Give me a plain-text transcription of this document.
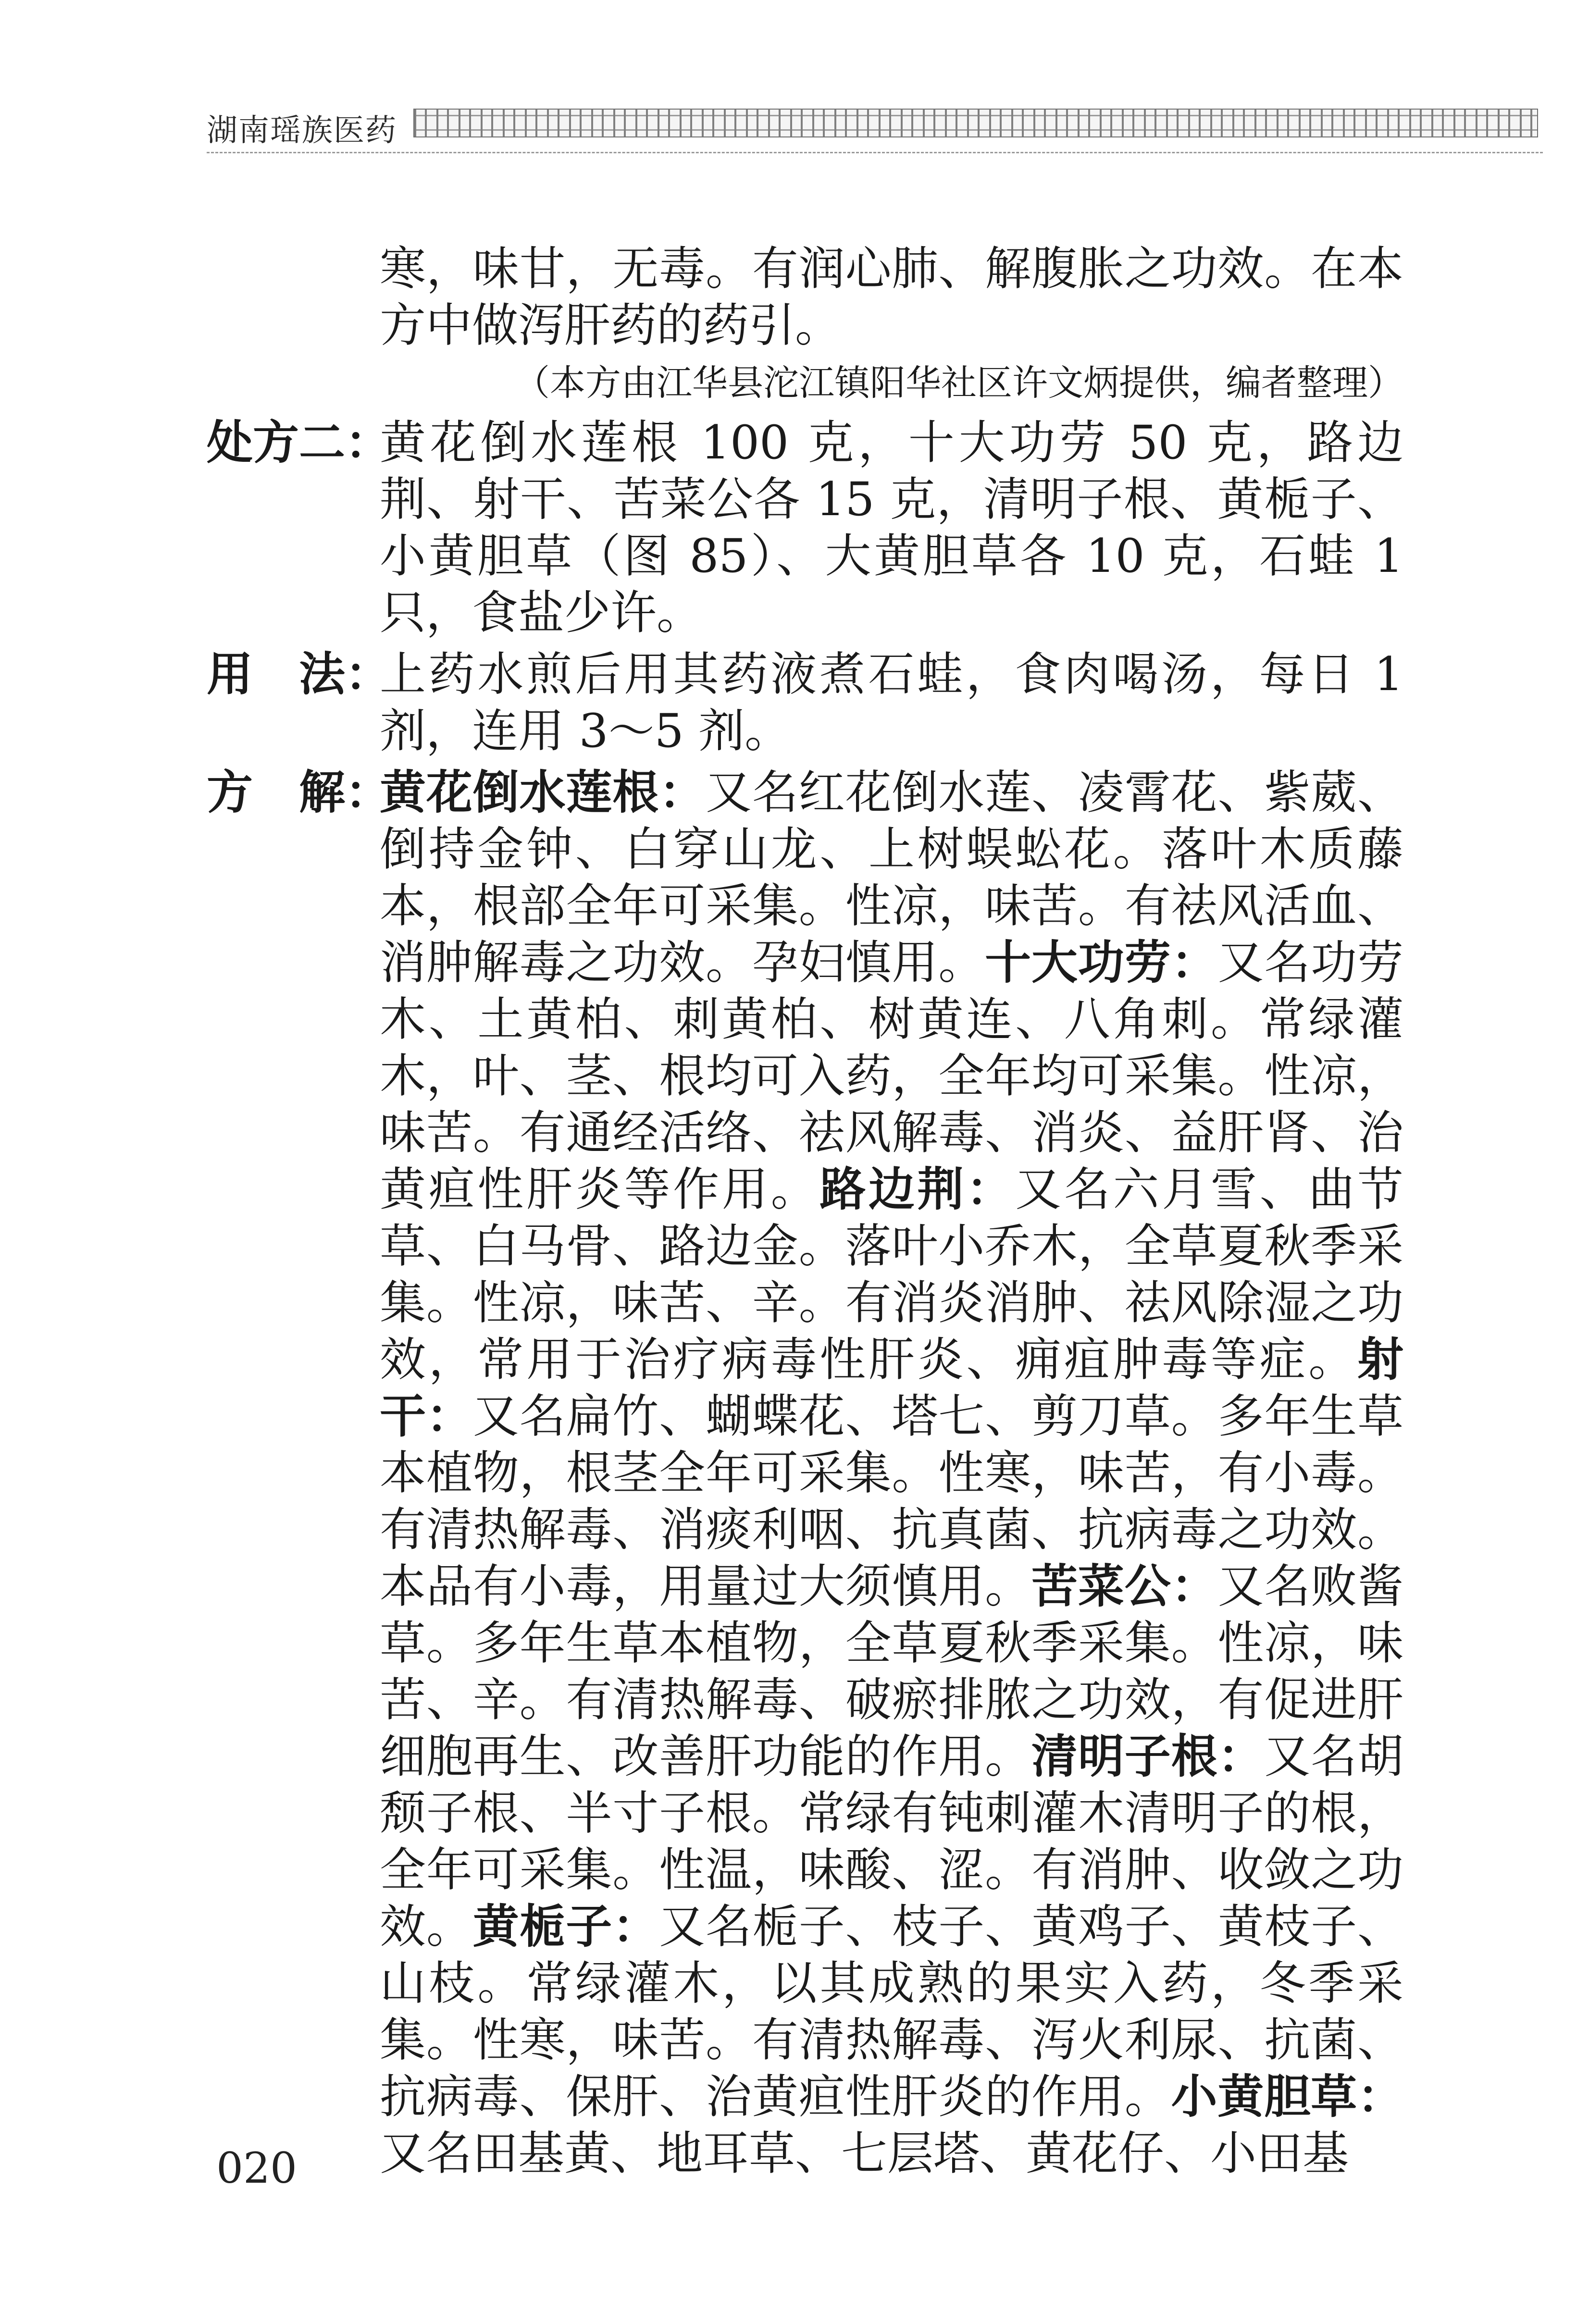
湖南瑶族医药

寒，味甘，无毒。有润心肺、解腹胀之功效。在本方中做泻肝药的药引。

（本方由江华县沱江镇阳华社区许文炳提供，编者整理）

处方二：
黄花倒水莲根 100 克，十大功劳 50 克，路边荆、射干、苦菜公各 15 克，清明子根、黄栀子、小黄胆草（图 85）、大黄胆草各 10 克，石蛙 1 只，食盐少许。

用　法：
上药水煎后用其药液煮石蛙，食肉喝汤，每日 1 剂，连用 3～5 剂。

方　解：
黄花倒水莲根：又名红花倒水莲、凌霄花、紫葳、倒持金钟、白穿山龙、上树蜈蚣花。落叶木质藤本，根部全年可采集。性凉，味苦。有祛风活血、消肿解毒之功效。孕妇慎用。十大功劳：又名功劳木、土黄柏、刺黄柏、树黄连、八角刺。常绿灌木，叶、茎、根均可入药，全年均可采集。性凉，味苦。有通经活络、祛风解毒、消炎、益肝肾、治黄疸性肝炎等作用。路边荆：又名六月雪、曲节草、白马骨、路边金。落叶小乔木，全草夏秋季采集。性凉，味苦、辛。有消炎消肿、祛风除湿之功效，常用于治疗病毒性肝炎、痈疽肿毒等症。射干：又名扁竹、蝴蝶花、塔七、剪刀草。多年生草本植物，根茎全年可采集。性寒，味苦，有小毒。有清热解毒、消痰利咽、抗真菌、抗病毒之功效。本品有小毒，用量过大须慎用。苦菜公：又名败酱草。多年生草本植物，全草夏秋季采集。性凉，味苦、辛。有清热解毒、破瘀排脓之功效，有促进肝细胞再生、改善肝功能的作用。清明子根：又名胡颓子根、半寸子根。常绿有钝刺灌木清明子的根，全年可采集。性温，味酸、涩。有消肿、收敛之功效。黄栀子：又名栀子、枝子、黄鸡子、黄枝子、山枝。常绿灌木，以其成熟的果实入药，冬季采集。性寒，味苦。有清热解毒、泻火利尿、抗菌、抗病毒、保肝、治黄疸性肝炎的作用。小黄胆草：又名田基黄、地耳草、七层塔、黄花仔、小田基

020
